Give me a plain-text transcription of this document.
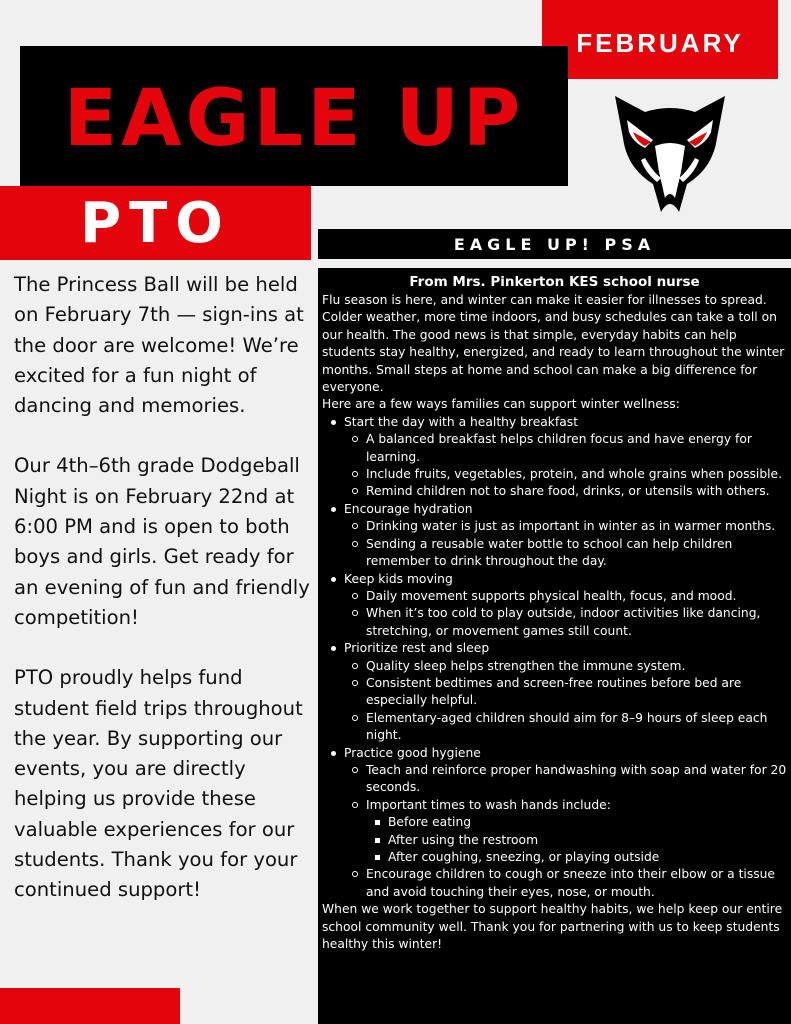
FEBRUARY
EAGLE UP
PTO

The Princess Ball will be held on February 7th — sign-ins at the door are welcome! We’re excited for a fun night of dancing and memories.

Our 4th–6th grade Dodgeball Night is on February 22nd at 6:00 PM and is open to both boys and girls. Get ready for an evening of fun and friendly competition!

PTO proudly helps fund student field trips throughout the year. By supporting our events, you are directly helping us provide these valuable experiences for our students. Thank you for your continued support!

EAGLE UP! PSA

From Mrs. Pinkerton KES school nurse

Flu season is here, and winter can make it easier for illnesses to spread. Colder weather, more time indoors, and busy schedules can take a toll on our health. The good news is that simple, everyday habits can help students stay healthy, energized, and ready to learn throughout the winter months. Small steps at home and school can make a big difference for everyone.

Here are a few ways families can support winter wellness:

Start the day with a healthy breakfast
A balanced breakfast helps children focus and have energy for learning.
Include fruits, vegetables, protein, and whole grains when possible.
Remind children not to share food, drinks, or utensils with others.
Encourage hydration
Drinking water is just as important in winter as in warmer months.
Sending a reusable water bottle to school can help children remember to drink throughout the day.
Keep kids moving
Daily movement supports physical health, focus, and mood.
When it’s too cold to play outside, indoor activities like dancing, stretching, or movement games still count.
Prioritize rest and sleep
Quality sleep helps strengthen the immune system.
Consistent bedtimes and screen-free routines before bed are especially helpful.
Elementary-aged children should aim for 8–9 hours of sleep each night.
Practice good hygiene
Teach and reinforce proper handwashing with soap and water for 20 seconds.
Important times to wash hands include:
Before eating
After using the restroom
After coughing, sneezing, or playing outside
Encourage children to cough or sneeze into their elbow or a tissue and avoid touching their eyes, nose, or mouth.

When we work together to support healthy habits, we help keep our entire school community well. Thank you for partnering with us to keep students healthy this winter!
